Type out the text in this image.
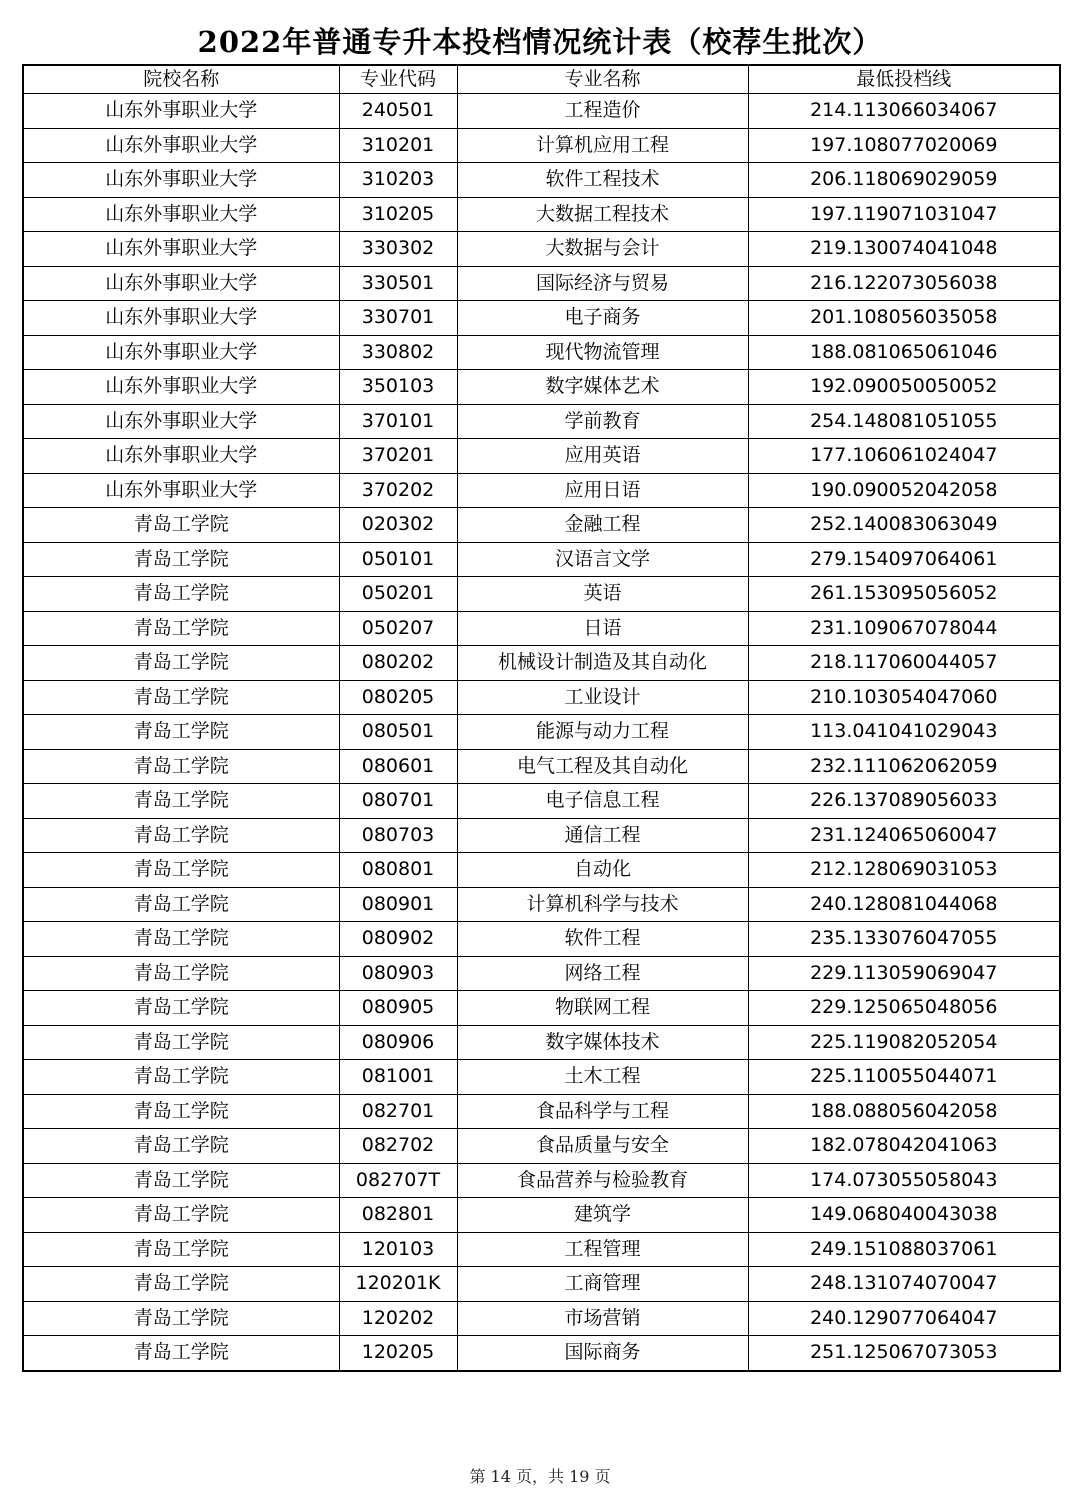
2022年普通专升本投档情况统计表（校荐生批次）
院校名称	专业代码	专业名称	最低投档线
山东外事职业大学	240501	工程造价	214.113066034067
山东外事职业大学	310201	计算机应用工程	197.108077020069
山东外事职业大学	310203	软件工程技术	206.118069029059
山东外事职业大学	310205	大数据工程技术	197.119071031047
山东外事职业大学	330302	大数据与会计	219.130074041048
山东外事职业大学	330501	国际经济与贸易	216.122073056038
山东外事职业大学	330701	电子商务	201.108056035058
山东外事职业大学	330802	现代物流管理	188.081065061046
山东外事职业大学	350103	数字媒体艺术	192.090050050052
山东外事职业大学	370101	学前教育	254.148081051055
山东外事职业大学	370201	应用英语	177.106061024047
山东外事职业大学	370202	应用日语	190.090052042058
青岛工学院	020302	金融工程	252.140083063049
青岛工学院	050101	汉语言文学	279.154097064061
青岛工学院	050201	英语	261.153095056052
青岛工学院	050207	日语	231.109067078044
青岛工学院	080202	机械设计制造及其自动化	218.117060044057
青岛工学院	080205	工业设计	210.103054047060
青岛工学院	080501	能源与动力工程	113.041041029043
青岛工学院	080601	电气工程及其自动化	232.111062062059
青岛工学院	080701	电子信息工程	226.137089056033
青岛工学院	080703	通信工程	231.124065060047
青岛工学院	080801	自动化	212.128069031053
青岛工学院	080901	计算机科学与技术	240.128081044068
青岛工学院	080902	软件工程	235.133076047055
青岛工学院	080903	网络工程	229.113059069047
青岛工学院	080905	物联网工程	229.125065048056
青岛工学院	080906	数字媒体技术	225.119082052054
青岛工学院	081001	土木工程	225.110055044071
青岛工学院	082701	食品科学与工程	188.088056042058
青岛工学院	082702	食品质量与安全	182.078042041063
青岛工学院	082707T	食品营养与检验教育	174.073055058043
青岛工学院	082801	建筑学	149.068040043038
青岛工学院	120103	工程管理	249.151088037061
青岛工学院	120201K	工商管理	248.131074070047
青岛工学院	120202	市场营销	240.129077064047
青岛工学院	120205	国际商务	251.125067073053
第 14 页，共 19 页
